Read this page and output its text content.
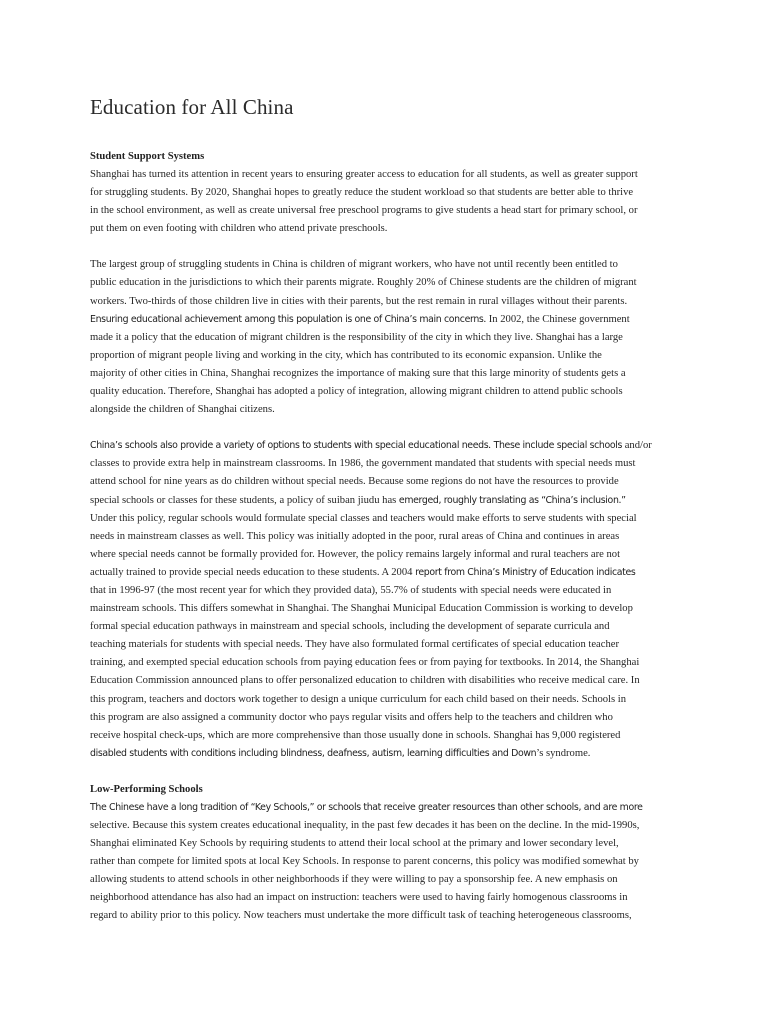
Education for All China
Student Support Systems

Shanghai has turned its attention in recent years to ensuring greater access to education for all students, as well as greater support
for struggling students. By 2020, Shanghai hopes to greatly reduce the student workload so that students are better able to thrive
in the school environment, as well as create universal free preschool programs to give students a head start for primary school, or
put them on even footing with children who attend private preschools.

The largest group of struggling students in China is children of migrant workers, who have not until recently been entitled to
public education in the jurisdictions to which their parents migrate. Roughly 20% of Chinese students are the children of migrant
workers. Two-thirds of those children live in cities with their parents, but the rest remain in rural villages without their parents.
Ensuring educational achievement among this population is one of China’s main concerns. In 2002, the Chinese government
made it a policy that the education of migrant children is the responsibility of the city in which they live. Shanghai has a large
proportion of migrant people living and working in the city, which has contributed to its economic expansion. Unlike the
majority of other cities in China, Shanghai recognizes the importance of making sure that this large minority of students gets a
quality education. Therefore, Shanghai has adopted a policy of integration, allowing migrant children to attend public schools
alongside the children of Shanghai citizens.

China’s schools also provide a variety of options to students with special educational needs. These include special schools and/or
classes to provide extra help in mainstream classrooms. In 1986, the government mandated that students with special needs must
attend school for nine years as do children without special needs. Because some regions do not have the resources to provide
special schools or classes for these students, a policy of suiban jiudu has emerged, roughly translating as “China’s inclusion.”
Under this policy, regular schools would formulate special classes and teachers would make efforts to serve students with special
needs in mainstream classes as well. This policy was initially adopted in the poor, rural areas of China and continues in areas
where special needs cannot be formally provided for. However, the policy remains largely informal and rural teachers are not
actually trained to provide special needs education to these students. A 2004 report from China’s Ministry of Education indicates
that in 1996-97 (the most recent year for which they provided data), 55.7% of students with special needs were educated in
mainstream schools. This differs somewhat in Shanghai. The Shanghai Municipal Education Commission is working to develop
formal special education pathways in mainstream and special schools, including the development of separate curricula and
teaching materials for students with special needs. They have also formulated formal certificates of special education teacher
training, and exempted special education schools from paying education fees or from paying for textbooks. In 2014, the Shanghai
Education Commission announced plans to offer personalized education to children with disabilities who receive medical care. In
this program, teachers and doctors work together to design a unique curriculum for each child based on their needs. Schools in
this program are also assigned a community doctor who pays regular visits and offers help to the teachers and children who
receive hospital check-ups, which are more comprehensive than those usually done in schools. Shanghai has 9,000 registered
disabled students with conditions including blindness, deafness, autism, learning difficulties and Down’s syndrome.

Low-Performing Schools

The Chinese have a long tradition of “Key Schools,” or schools that receive greater resources than other schools, and are more
selective. Because this system creates educational inequality, in the past few decades it has been on the decline. In the mid-1990s,
Shanghai eliminated Key Schools by requiring students to attend their local school at the primary and lower secondary level,
rather than compete for limited spots at local Key Schools. In response to parent concerns, this policy was modified somewhat by
allowing students to attend schools in other neighborhoods if they were willing to pay a sponsorship fee. A new emphasis on
neighborhood attendance has also had an impact on instruction: teachers were used to having fairly homogenous classrooms in
regard to ability prior to this policy. Now teachers must undertake the more difficult task of teaching heterogeneous classrooms,
